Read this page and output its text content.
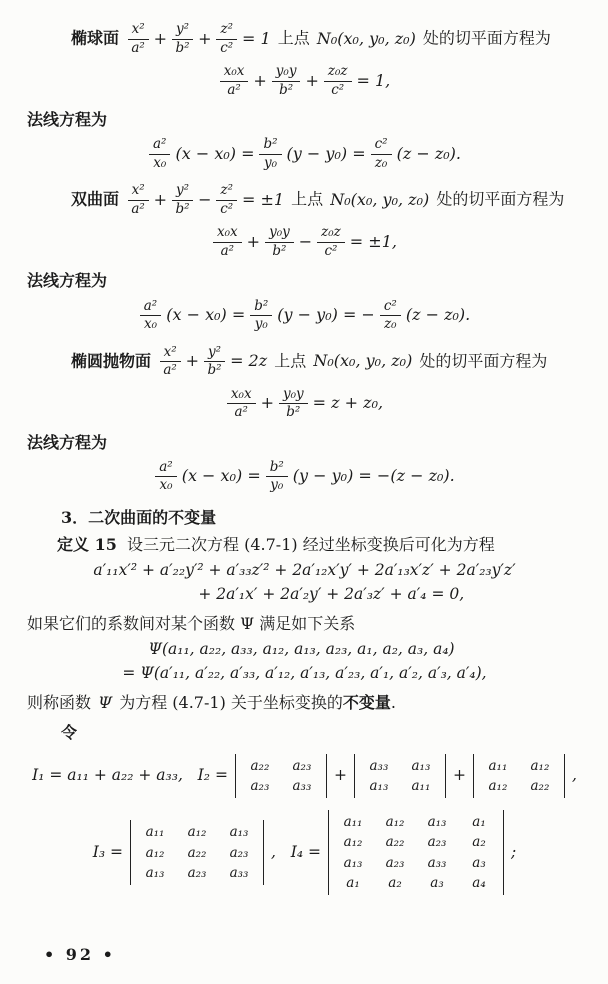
椭球面 $\frac{\text{x²}}{\text{a²}} + \frac{\text{y²}}{\text{b²}} + \frac{\text{z²}}{\text{c²}} = 1$ 上点 N₀(x₀, y₀, z₀) 处的切平面方程为
$\frac{\text{x₀x}}{\text{a²}} + \frac{\text{y₀y}}{\text{b²}} + \frac{\text{z₀z}}{\text{c²}} = 1$,
法线方程为
$\frac{\text{a²}}{\text{x₀}} (x - x_0) = \frac{\text{b²}}{\text{y₀}} (y - y_0) = \frac{\text{c²}}{\text{z₀}} (z - z_0)$.
双曲面 $\frac{\text{x²}}{\text{a²}} + \frac{\text{y²}}{\text{b²}} - \frac{\text{z²}}{\text{c²}} = \pm 1$ 上点 N₀(x₀, y₀, z₀) 处的切平面方程为
$\frac{\text{x₀x}}{\text{a²}} + \frac{\text{y₀y}}{\text{b²}} - \frac{\text{z₀z}}{\text{c²}} = \pm 1$,
法线方程为
$\frac{\text{a²}}{\text{x₀}} (x - x_0) = \frac{\text{b²}}{\text{y₀}} (y - y_0)$ = − $\frac{\text{c²}}{\text{z₀}} (z - z_0)$.
椭圆抛物面 $\frac{\text{x²}}{\text{a²}} + \frac{\text{y²}}{\text{b²}} = 2z$ 上点 N₀(x₀, y₀, z₀) 处的切平面方程为
$\frac{\text{x₀x}}{\text{a²}} + \frac{\text{y₀y}}{\text{b²}} = z + z_0$,
法线方程为
$\frac{\text{a²}}{\text{x₀}} (x - x_0) = \frac{\text{b²}}{\text{y₀}} (y - y_0) = -(z - z_0)$.
3．二次曲面的不变量
定义 15  设三元二次方程 (4.7-1) 经过坐标变换后可化为方程
a′₁₁x′² + a′₂₂y′² + a′₃₃z′² + 2a′₁₂x′y′ + 2a′₁₃x′z′ + 2a′₂₃y′z′
+ 2a′₁x′ + 2a′₂y′ + 2a′₃z′ + a′₄ = 0,
如果它们的系数间对某个函数 Ψ 满足如下关系
Ψ(a₁₁, a₂₂, a₃₃, a₁₂, a₁₃, a₂₃, a₁, a₂, a₃, a₄)
= Ψ(a′₁₁, a′₂₂, a′₃₃, a′₁₂, a′₁₃, a′₂₃, a′₁, a′₂, a′₃, a′₄),
则称函数 Ψ 为方程 (4.7-1) 关于坐标变换的不变量.
令
I₁ = a₁₁ + a₂₂ + a₃₃,   I₂ =
a₂₂	a₂₃
a₂₃	a₃₃
+
a₃₃	a₁₃
a₁₃	a₁₁
+
a₁₁	a₁₂
a₁₂	a₂₂
,
I₃ =
a₁₁	a₁₂	a₁₃
a₁₂	a₂₂	a₂₃
a₁₃	a₂₃	a₃₃
,   I₄ =
a₁₁	a₁₂	a₁₃	a₁
a₁₂	a₂₂	a₂₃	a₂
a₁₃	a₂₃	a₃₃	a₃
a₁	a₂	a₃	a₄
;
• 92 •
